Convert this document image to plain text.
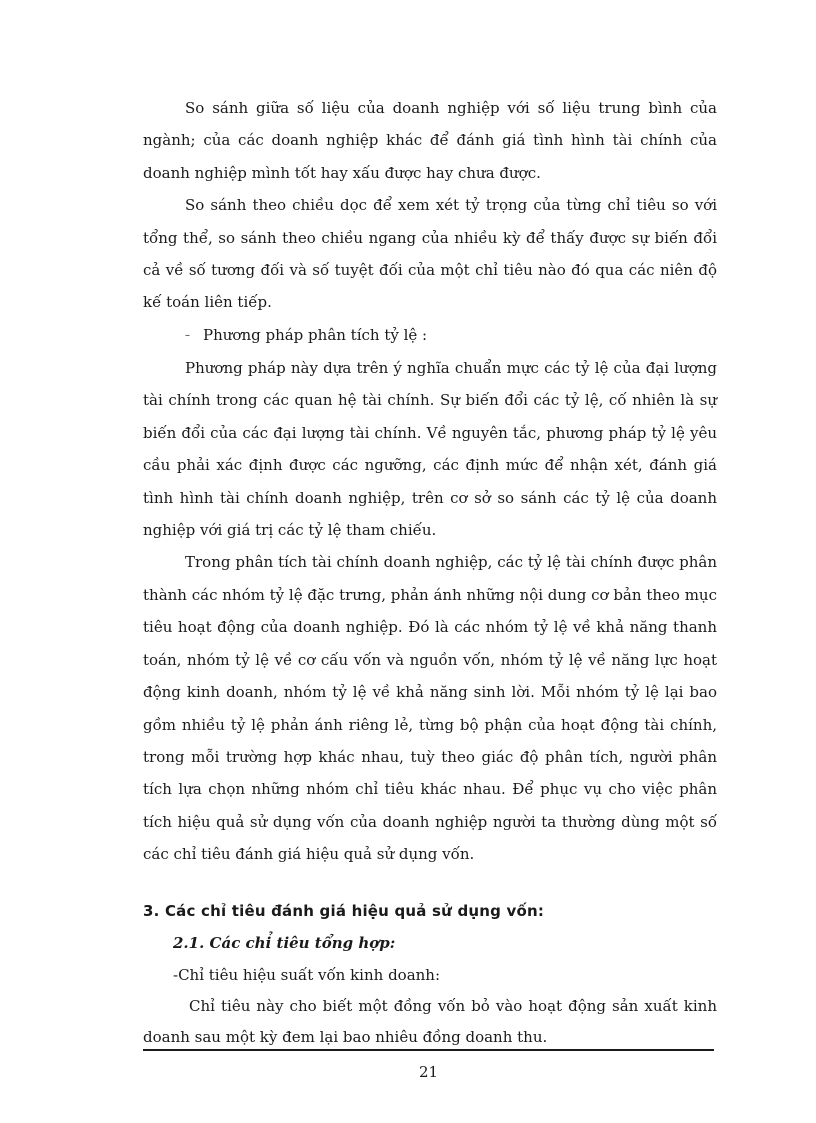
So sánh giữa số liệu của doanh nghiệp với số liệu trung bình của ngành; của các doanh nghiệp khác để đánh giá tình hình tài chính của doanh nghiệp mình tốt hay xấu được hay chưa được.

So sánh theo chiều dọc để xem xét tỷ trọng của từng chỉ tiêu so với tổng thể, so sánh theo chiều ngang của nhiều kỳ để thấy được sự biến đổi cả về số tương đối và số tuyệt đối của một chỉ tiêu nào đó qua các niên độ kế toán liên tiếp.

– Phương pháp phân tích tỷ lệ :

Phương pháp này dựa trên ý nghĩa chuẩn mực các tỷ lệ của đại lượng tài chính trong các quan hệ tài chính. Sự biến đổi các tỷ lệ, cố nhiên là sự biến đổi của các đại lượng tài chính. Về nguyên tắc, phương pháp tỷ lệ yêu cầu phải xác định được các ngưỡng, các định mức để nhận xét, đánh giá tình hình tài chính doanh nghiệp, trên cơ sở so sánh các tỷ lệ của doanh nghiệp với giá trị các tỷ lệ tham chiếu.

Trong phân tích tài chính doanh nghiệp, các tỷ lệ tài chính được phân thành các nhóm tỷ lệ đặc trưng, phản ánh những nội dung cơ bản theo mục tiêu hoạt động của doanh nghiệp. Đó là các nhóm tỷ lệ về khả năng thanh toán, nhóm tỷ lệ về cơ cấu vốn và nguồn vốn, nhóm tỷ lệ về năng lực hoạt động kinh doanh, nhóm tỷ lệ về khả năng sinh lời. Mỗi nhóm tỷ lệ lại bao gồm nhiều tỷ lệ phản ánh riêng lẻ, từng bộ phận của hoạt động tài chính, trong mỗi trường hợp khác nhau, tuỳ theo giác độ phân tích, người phân tích lựa chọn những nhóm chỉ tiêu khác nhau. Để phục vụ cho việc phân tích hiệu quả sử dụng vốn của doanh nghiệp người ta thường dùng một số các chỉ tiêu đánh giá hiệu quả sử dụng vốn.

3. Các chỉ tiêu đánh giá hiệu quả sử dụng vốn:
2.1. Các chỉ tiêu tổng hợp:

-Chỉ tiêu hiệu suất vốn kinh doanh:

Chỉ tiêu này cho biết một đồng vốn bỏ vào hoạt động sản xuất kinh doanh sau một kỳ đem lại bao nhiêu đồng doanh thu.

21
